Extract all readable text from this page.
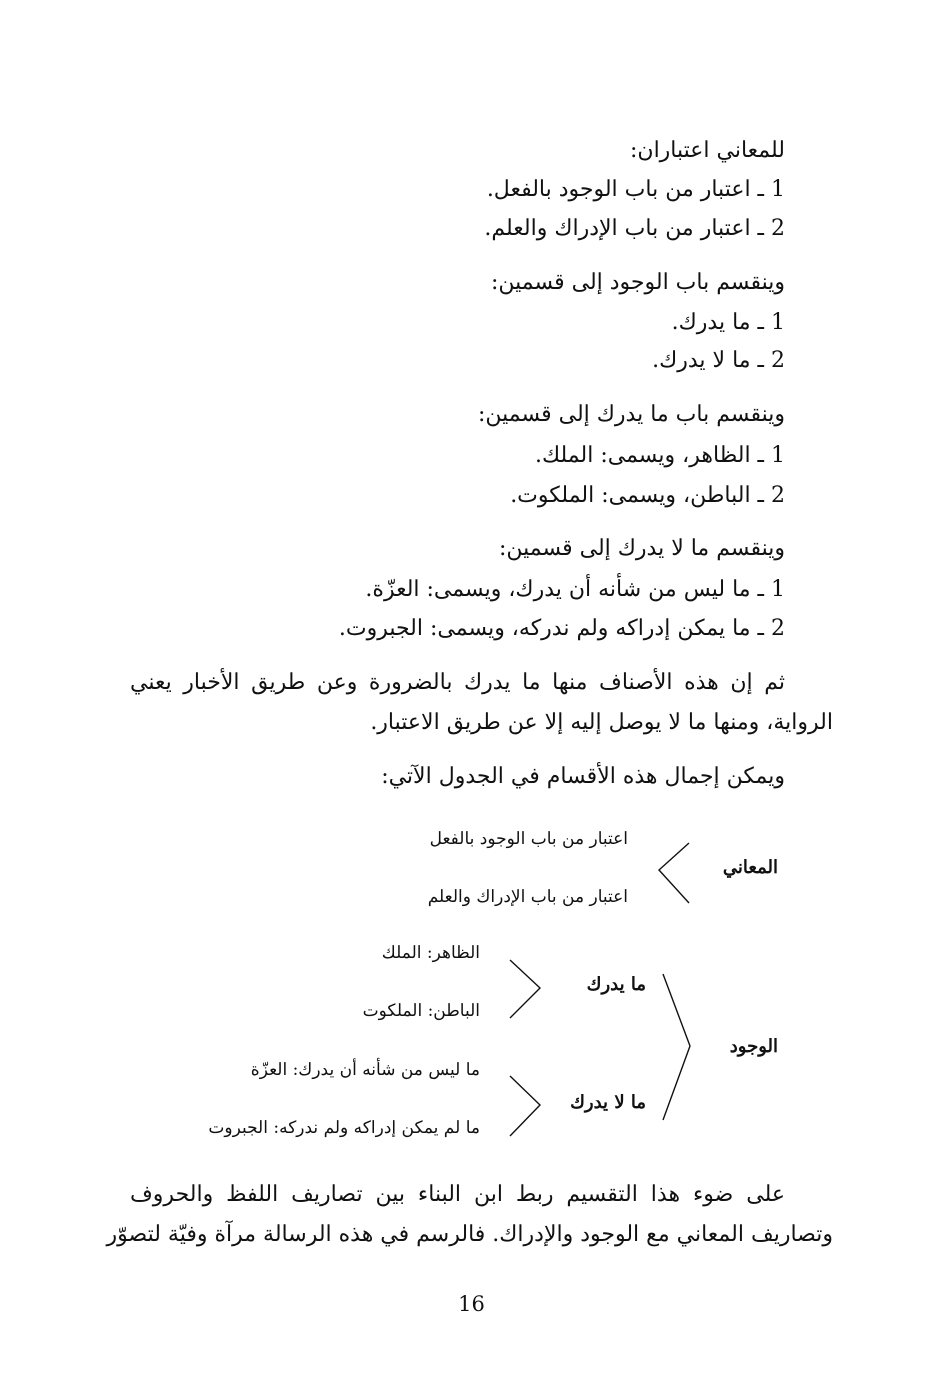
للمعاني اعتباران:
1 ـ اعتبار من باب الوجود بالفعل.
2 ـ اعتبار من باب الإدراك والعلم.
وينقسم باب الوجود إلى قسمين:
1 ـ ما يدرك.
2 ـ ما لا يدرك.
وينقسم باب ما يدرك إلى قسمين:
1 ـ الظاهر، ويسمى: الملك.
2 ـ الباطن، ويسمى: الملكوت.
وينقسم ما لا يدرك إلى قسمين:
1 ـ ما ليس من شأنه أن يدرك، ويسمى: العزّة.
2 ـ ما يمكن إدراكه ولم ندركه، ويسمى: الجبروت.
ثم إن هذه الأصناف منها ما يدرك بالضرورة وعن طريق الأخبار يعني
الرواية، ومنها ما لا يوصل إليه إلا عن طريق الاعتبار.
ويمكن إجمال هذه الأقسام في الجدول الآتي:
المعاني
اعتبار من باب الوجود بالفعل
اعتبار من باب الإدراك والعلم
الوجود
ما يدرك
ما لا يدرك
الظاهر: الملك
الباطن: الملكوت
ما ليس من شأنه أن يدرك: العزّة
ما لم يمكن إدراكه ولم ندركه: الجبروت
على ضوء هذا التقسيم ربط ابن البناء بين تصاريف اللفظ والحروف
وتصاريف المعاني مع الوجود والإدراك. فالرسم في هذه الرسالة مرآة وفيّة لتصوّر
16
